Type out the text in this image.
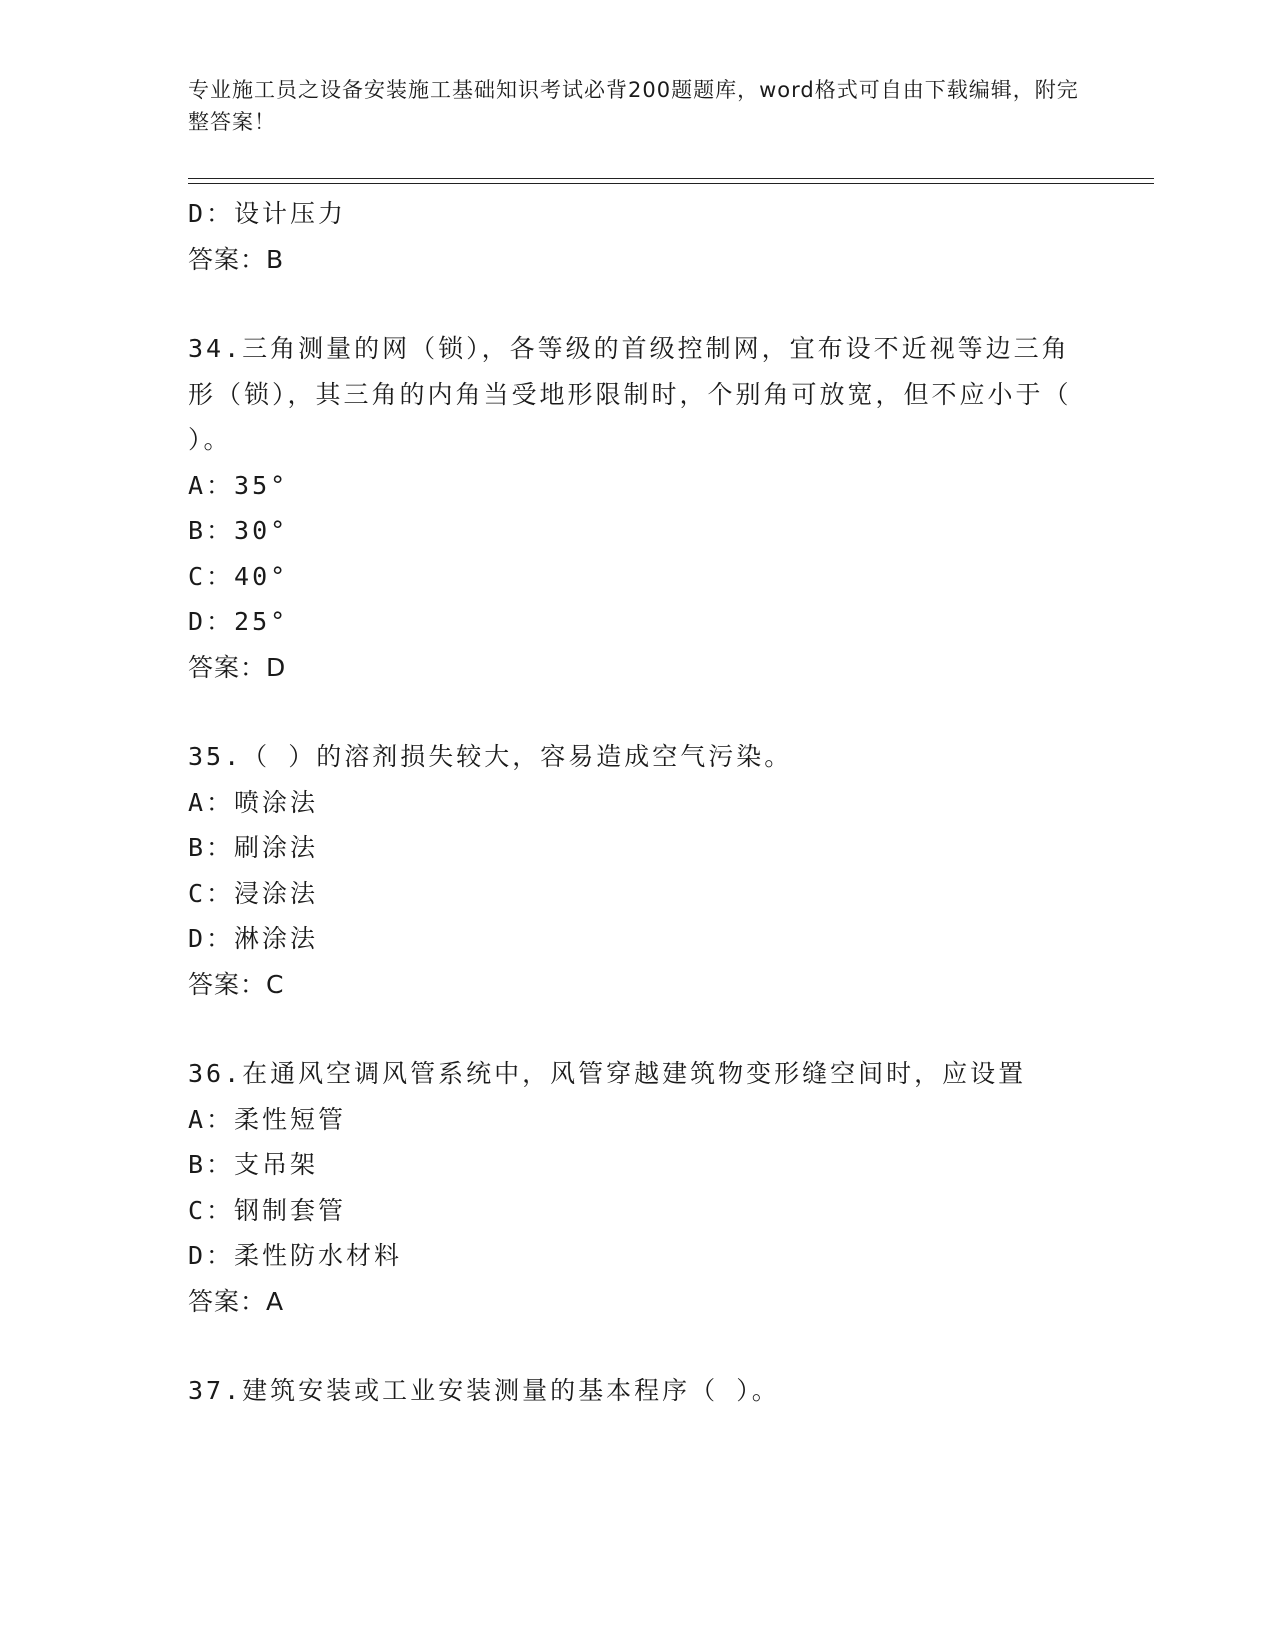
专业施工员之设备安装施工基础知识考试必背200题题库，word格式可自由下载编辑，附完整答案！
D：设计压力
答案：B
34.三角测量的网（锁），各等级的首级控制网，宜布设不近视等边三角形（锁），其三角的内角当受地形限制时，个别角可放宽，但不应小于（ ）。
A：35°
B：30°
C：40°
D：25°
答案：D
35.（ ）的溶剂损失较大，容易造成空气污染。
A：喷涂法
B：刷涂法
C：浸涂法
D：淋涂法
答案：C
36.在通风空调风管系统中，风管穿越建筑物变形缝空间时，应设置
A：柔性短管
B：支吊架
C：钢制套管
D：柔性防水材料
答案：A
37.建筑安装或工业安装测量的基本程序（ ）。
